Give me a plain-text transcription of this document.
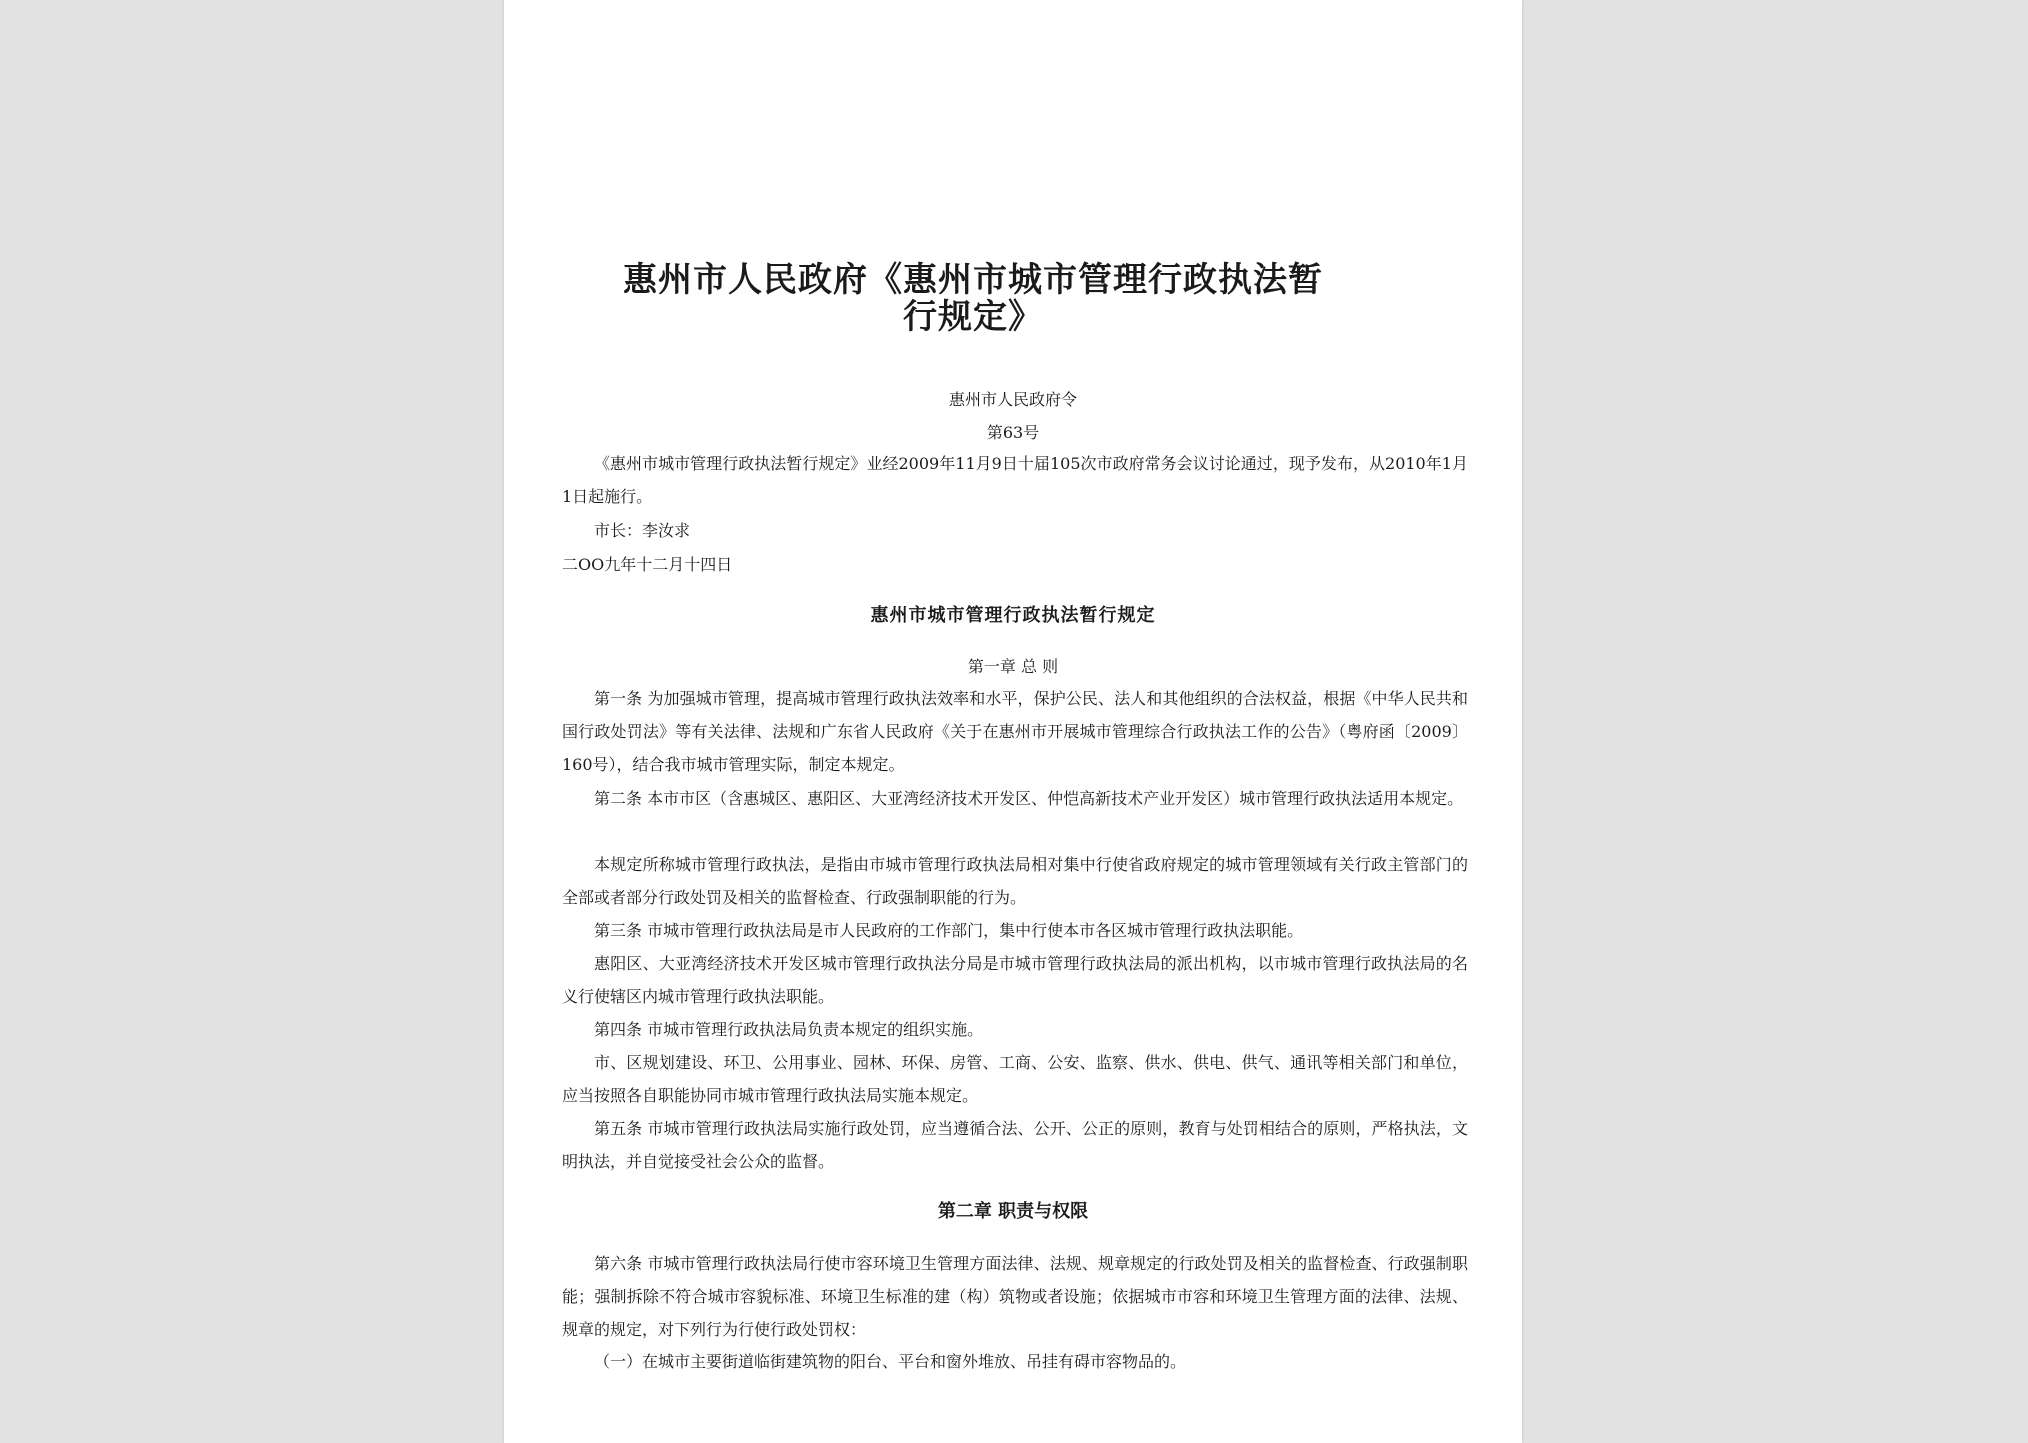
惠州市人民政府《惠州市城市管理行政执法暂行规定》
惠州市人民政府令
第63号

《惠州市城市管理行政执法暂行规定》业经2009年11月9日十届105次市政府常务会议讨论通过，现予发布，从2010年1月1日起施行。

市长：李汝求
二OO九年十二月十四日
惠州市城市管理行政执法暂行规定
第一章 总 则

第一条 为加强城市管理，提高城市管理行政执法效率和水平，保护公民、法人和其他组织的合法权益，根据《中华人民共和国行政处罚法》等有关法律、法规和广东省人民政府《关于在惠州市开展城市管理综合行政执法工作的公告》（粤府函〔2009〕160号），结合我市城市管理实际，制定本规定。

第二条 本市市区（含惠城区、惠阳区、大亚湾经济技术开发区、仲恺高新技术产业开发区）城市管理行政执法适用本规定。

本规定所称城市管理行政执法，是指由市城市管理行政执法局相对集中行使省政府规定的城市管理领域有关行政主管部门的全部或者部分行政处罚及相关的监督检查、行政强制职能的行为。

第三条 市城市管理行政执法局是市人民政府的工作部门，集中行使本市各区城市管理行政执法职能。

惠阳区、大亚湾经济技术开发区城市管理行政执法分局是市城市管理行政执法局的派出机构，以市城市管理行政执法局的名义行使辖区内城市管理行政执法职能。

第四条 市城市管理行政执法局负责本规定的组织实施。

市、区规划建设、环卫、公用事业、园林、环保、房管、工商、公安、监察、供水、供电、供气、通讯等相关部门和单位，应当按照各自职能协同市城市管理行政执法局实施本规定。

第五条 市城市管理行政执法局实施行政处罚，应当遵循合法、公开、公正的原则，教育与处罚相结合的原则，严格执法，文明执法，并自觉接受社会公众的监督。

第二章 职责与权限

第六条 市城市管理行政执法局行使市容环境卫生管理方面法律、法规、规章规定的行政处罚及相关的监督检查、行政强制职能；强制拆除不符合城市容貌标准、环境卫生标准的建（构）筑物或者设施；依据城市市容和环境卫生管理方面的法律、法规、规章的规定，对下列行为行使行政处罚权：

（一）在城市主要街道临街建筑物的阳台、平台和窗外堆放、吊挂有碍市容物品的。
